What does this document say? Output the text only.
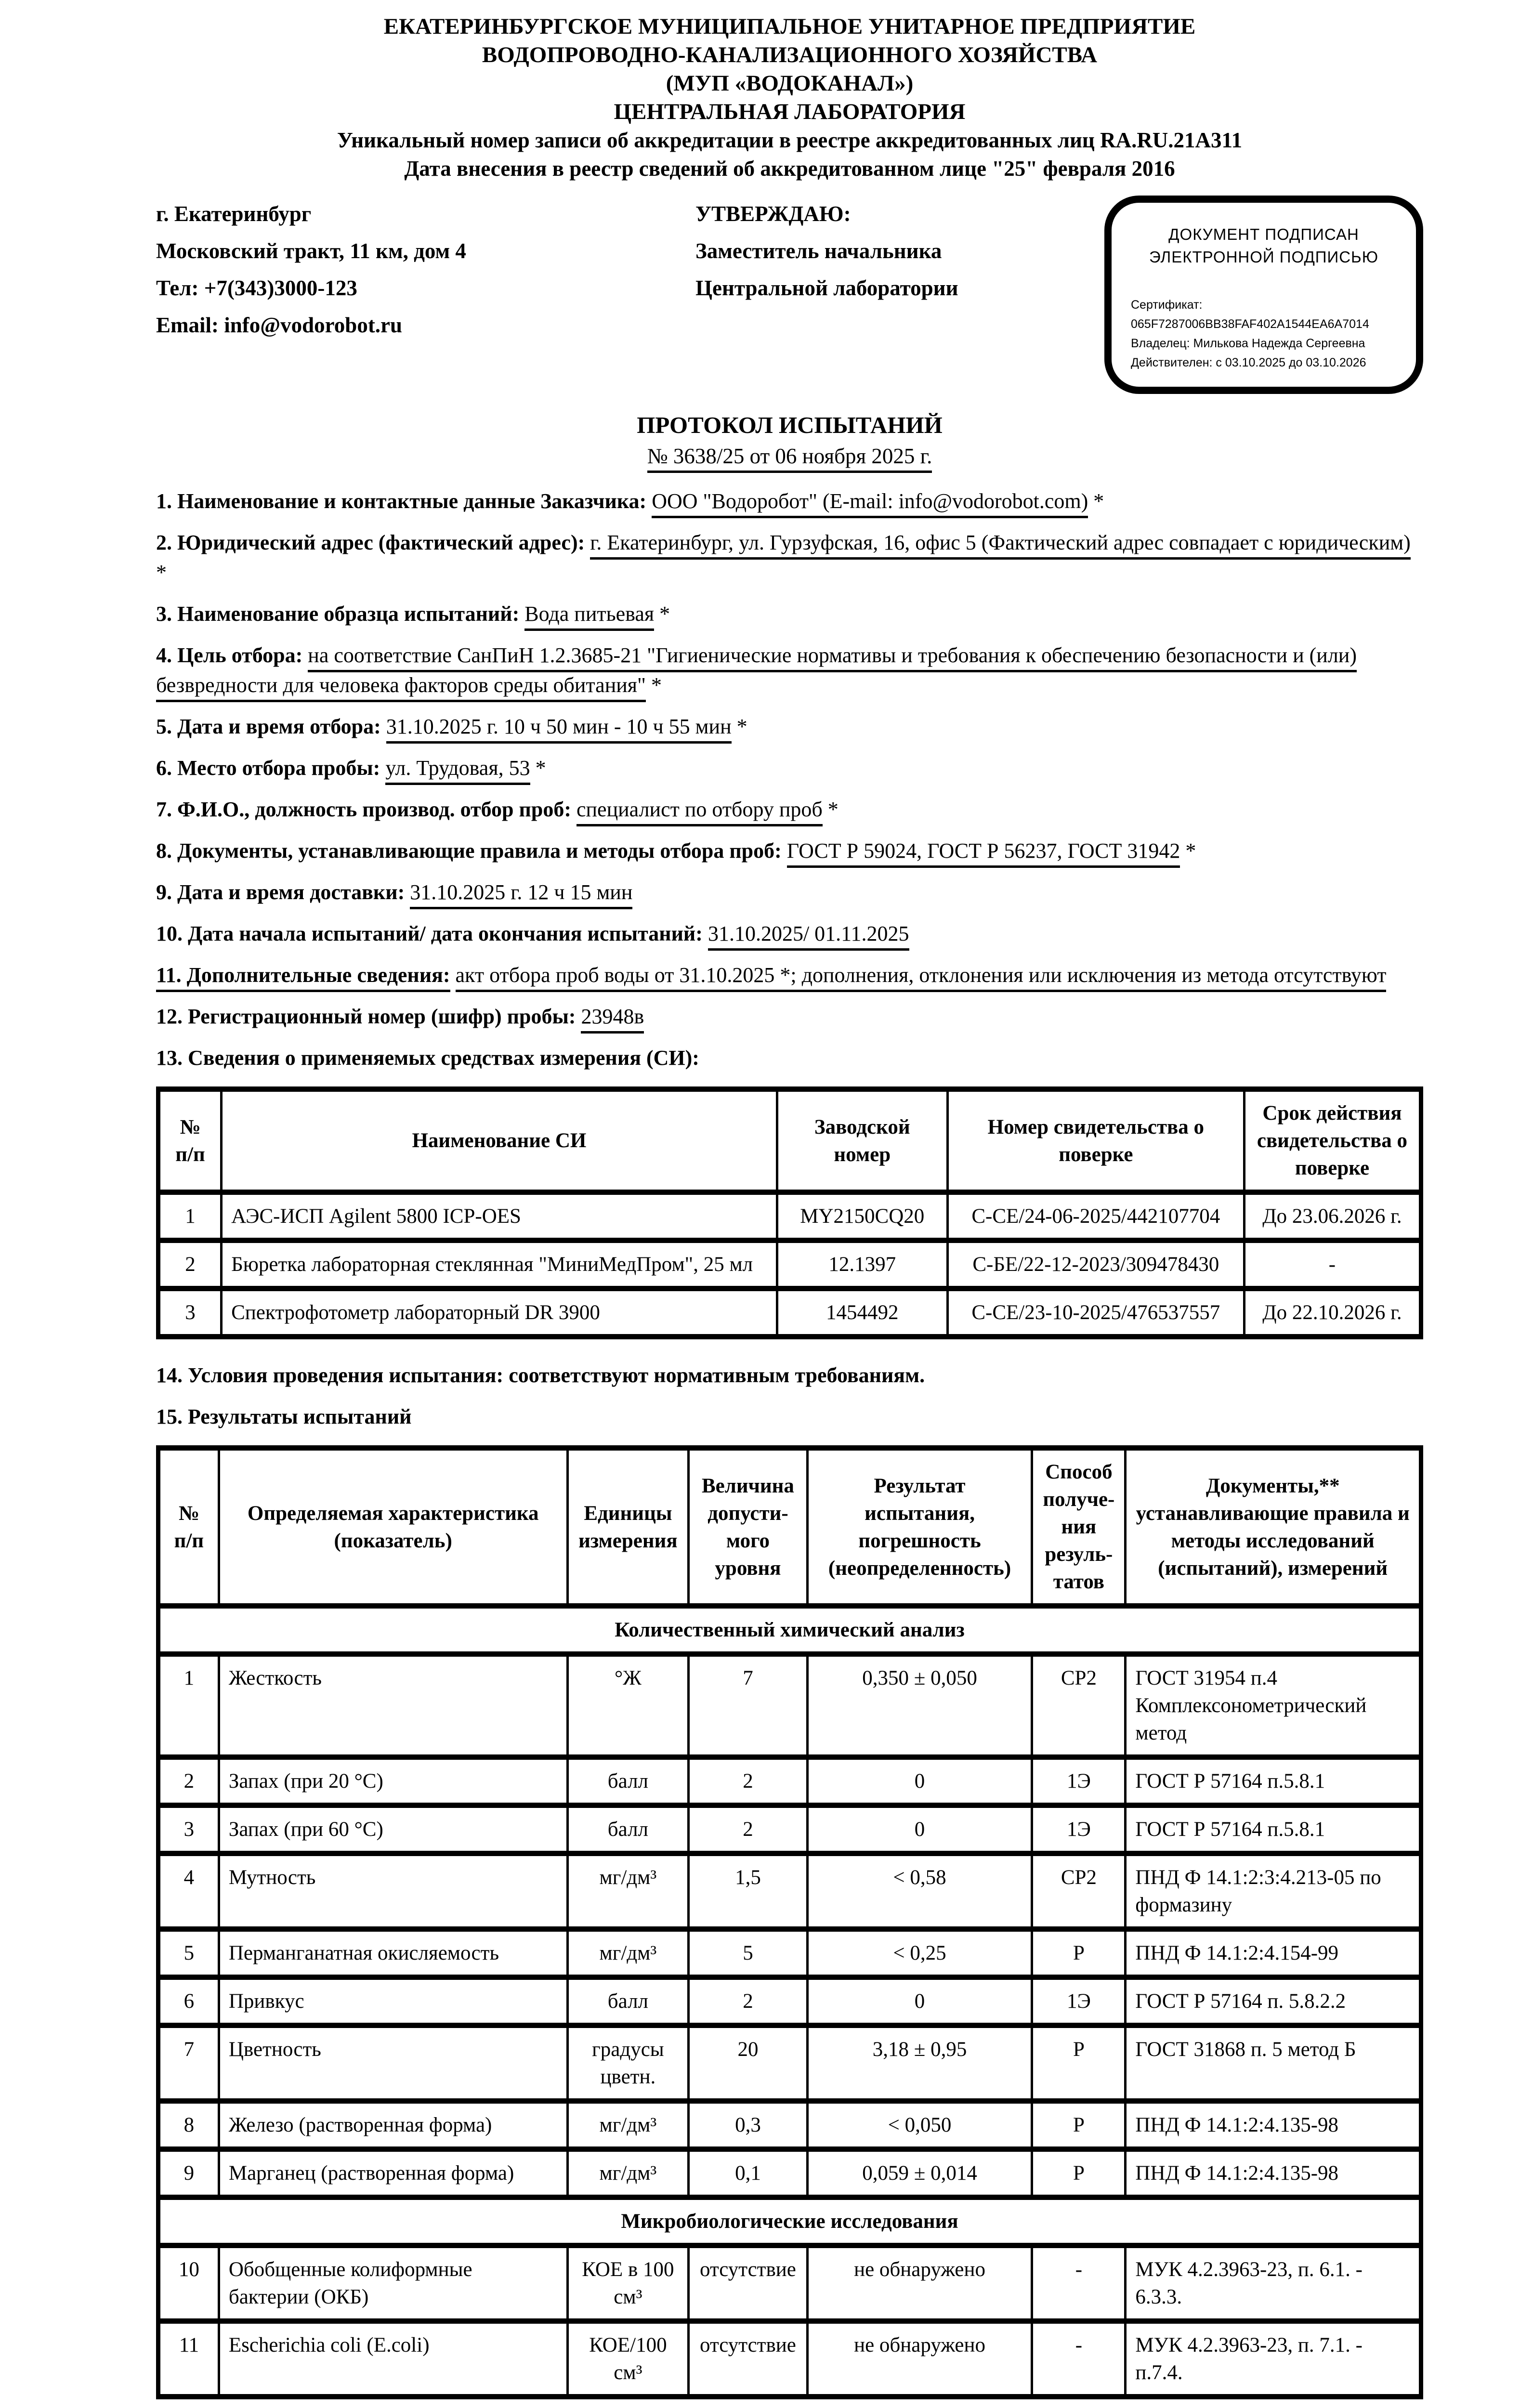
ЕКАТЕРИНБУРГСКОЕ МУНИЦИПАЛЬНОЕ УНИТАРНОЕ ПРЕДПРИЯТИЕ
ВОДОПРОВОДНО-КАНАЛИЗАЦИОННОГО ХОЗЯЙСТВА
(МУП «ВОДОКАНАЛ»)
ЦЕНТРАЛЬНАЯ ЛАБОРАТОРИЯ
Уникальный номер записи об аккредитации в реестре аккредитованных лиц RA.RU.21A311
Дата внесения в реестр сведений об аккредитованном лице "25" февраля 2016
г. Екатеринбург
Московский тракт, 11 км, дом 4
Тел: +7(343)3000-123
Email: info@vodorobot.ru
УТВЕРЖДАЮ:
Заместитель начальника
Центральной лаборатории
ДОКУМЕНТ ПОДПИСАН
ЭЛЕКТРОННОЙ ПОДПИСЬЮ
Сертификат: 065F7287006BB38FAF402A1544EA6A7014
Владелец: Милькова Надежда Сергеевна
Действителен: с 03.10.2025 до 03.10.2026
ПРОТОКОЛ ИСПЫТАНИЙ
№ 3638/25 от 06 ноября 2025 г.

1. Наименование и контактные данные Заказчика: ООО "Водоробот" (E-mail: info@vodorobot.com) *

2. Юридический адрес (фактический адрес): г. Екатеринбург, ул. Гурзуфская, 16, офис 5 (Фактический адрес совпадает с юридическим) *

3. Наименование образца испытаний: Вода питьевая *

4. Цель отбора: на соответствие СанПиН 1.2.3685-21 "Гигиенические нормативы и требования к обеспечению безопасности и (или) безвредности для человека факторов среды обитания" *

5. Дата и время отбора: 31.10.2025 г. 10 ч 50 мин - 10 ч 55 мин *

6. Место отбора пробы: ул. Трудовая, 53 *

7. Ф.И.О., должность производ. отбор проб: специалист по отбору проб *

8. Документы, устанавливающие правила и методы отбора проб: ГОСТ Р 59024, ГОСТ Р 56237, ГОСТ 31942 *

9. Дата и время доставки: 31.10.2025 г. 12 ч 15 мин

10. Дата начала испытаний/ дата окончания испытаний: 31.10.2025/ 01.11.2025

11. Дополнительные сведения: акт отбора проб воды от 31.10.2025 *; дополнения, отклонения или исключения из метода отсутствуют

12. Регистрационный номер (шифр) пробы: 23948в

13. Сведения о применяемых средствах измерения (СИ):

№ п/п	Наименование СИ	Заводской номер	Номер свидетельства о поверке	Срок действия свидетельства о поверке
1	АЭС-ИСП Agilent 5800 ICP-OES	MY2150CQ20	С-СЕ/24-06-2025/442107704	До 23.06.2026 г.
2	Бюретка лабораторная стеклянная "МиниМедПром", 25 мл	12.1397	С-БЕ/22-12-2023/309478430	-
3	Спектрофотометр лабораторный DR 3900	1454492	С-СЕ/23-10-2025/476537557	До 22.10.2026 г.

14. Условия проведения испытания: соответствуют нормативным требованиям.

15. Результаты испытаний

№ п/п	Определяемая характеристика (показатель)	Единицы измерения	Величина допусти-мого уровня	Результат испытания, погрешность (неопределенность)	Способ получе-ния резуль-татов	Документы,** устанавливающие правила и методы исследований (испытаний), измерений
Количественный химический анализ						
1	Жесткость	°Ж	7	0,350 ± 0,050	СР2	ГОСТ 31954 п.4 Комплексонометрический метод
2	Запах (при 20 °С)	балл	2	0	1Э	ГОСТ Р 57164 п.5.8.1
3	Запах (при 60 °С)	балл	2	0	1Э	ГОСТ Р 57164 п.5.8.1
4	Мутность	мг/дм³	1,5	< 0,58	СР2	ПНД Ф 14.1:2:3:4.213-05 по формазину
5	Перманганатная окисляемость	мг/дм³	5	< 0,25	Р	ПНД Ф 14.1:2:4.154-99
6	Привкус	балл	2	0	1Э	ГОСТ Р 57164 п. 5.8.2.2
7	Цветность	градусы цветн.	20	3,18 ± 0,95	Р	ГОСТ 31868 п. 5 метод Б
8	Железо (растворенная форма)	мг/дм³	0,3	< 0,050	Р	ПНД Ф 14.1:2:4.135-98
9	Марганец (растворенная форма)	мг/дм³	0,1	0,059 ± 0,014	Р	ПНД Ф 14.1:2:4.135-98
Микробиологические исследования						
10	Обобщенные колиформные бактерии (ОКБ)	КОЕ в 100 см³	отсутствие	не обнаружено	-	МУК 4.2.3963-23, п. 6.1. - 6.3.3.
11	Escherichia coli (E.coli)	КОЕ/100 см³	отсутствие	не обнаружено	-	МУК 4.2.3963-23, п. 7.1. - п.7.4.
